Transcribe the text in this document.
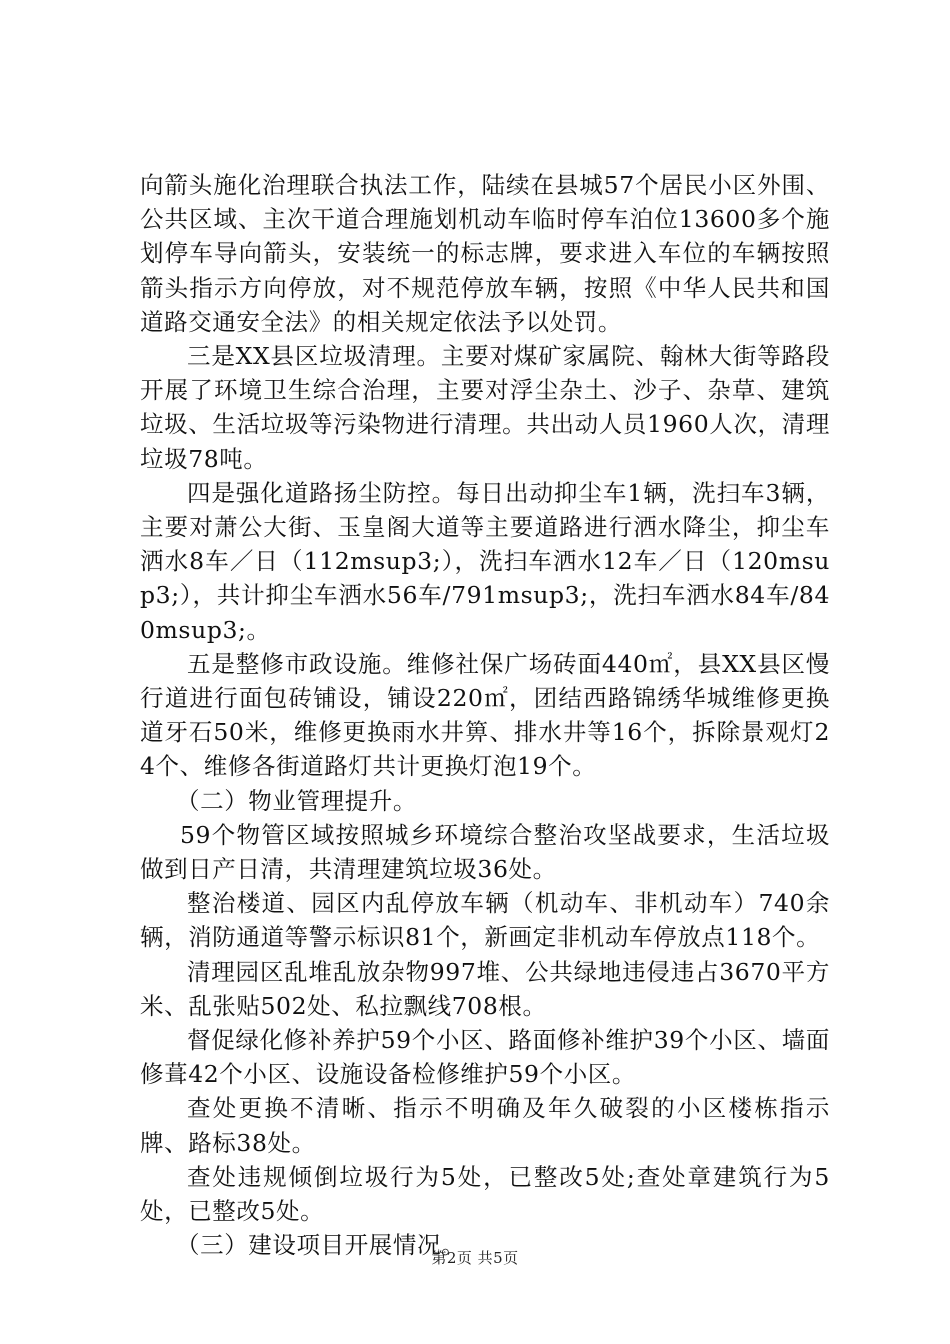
向箭头施化治理联合执法工作，陆续在县城57个居民小区外围、公共区域、主次干道合理施划机动车临时停车泊位13600多个施划停车导向箭头，安装统一的标志牌，要求进入车位的车辆按照箭头指示方向停放，对不规范停放车辆，按照《中华人民共和国道路交通安全法》的相关规定依法予以处罚。

三是XX县区垃圾清理。主要对煤矿家属院、翰林大街等路段开展了环境卫生综合治理，主要对浮尘杂土、沙子、杂草、建筑垃圾、生活垃圾等污染物进行清理。共出动人员1960人次，清理垃圾78吨。

四是强化道路扬尘防控。每日出动抑尘车1辆，洗扫车3辆，主要对萧公大街、玉皇阁大道等主要道路进行洒水降尘，抑尘车洒水8车／日（112msup3;），洗扫车洒水12车／日（120msup3;），共计抑尘车洒水56车/791msup3;，洗扫车洒水84车/840msup3;。

五是整修市政设施。维修社保广场砖面440㎡，县XX县区慢行道进行面包砖铺设，铺设220㎡，团结西路锦绣华城维修更换道牙石50米，维修更换雨水井箅、排水井等16个，拆除景观灯24个、维修各街道路灯共计更换灯泡19个。

（二）物业管理提升。

59个物管区域按照城乡环境综合整治攻坚战要求，生活垃圾做到日产日清，共清理建筑垃圾36处。

整治楼道、园区内乱停放车辆（机动车、非机动车）740余辆，消防通道等警示标识81个，新画定非机动车停放点118个。

清理园区乱堆乱放杂物997堆、公共绿地违侵违占3670平方米、乱张贴502处、私拉飘线708根。

督促绿化修补养护59个小区、路面修补维护39个小区、墙面修葺42个小区、设施设备检修维护59个小区。

查处更换不清晰、指示不明确及年久破裂的小区楼栋指示牌、路标38处。

查处违规倾倒垃圾行为5处，已整改5处;查处章建筑行为5处，已整改5处。

（三）建设项目开展情况。

第2页 共5页
